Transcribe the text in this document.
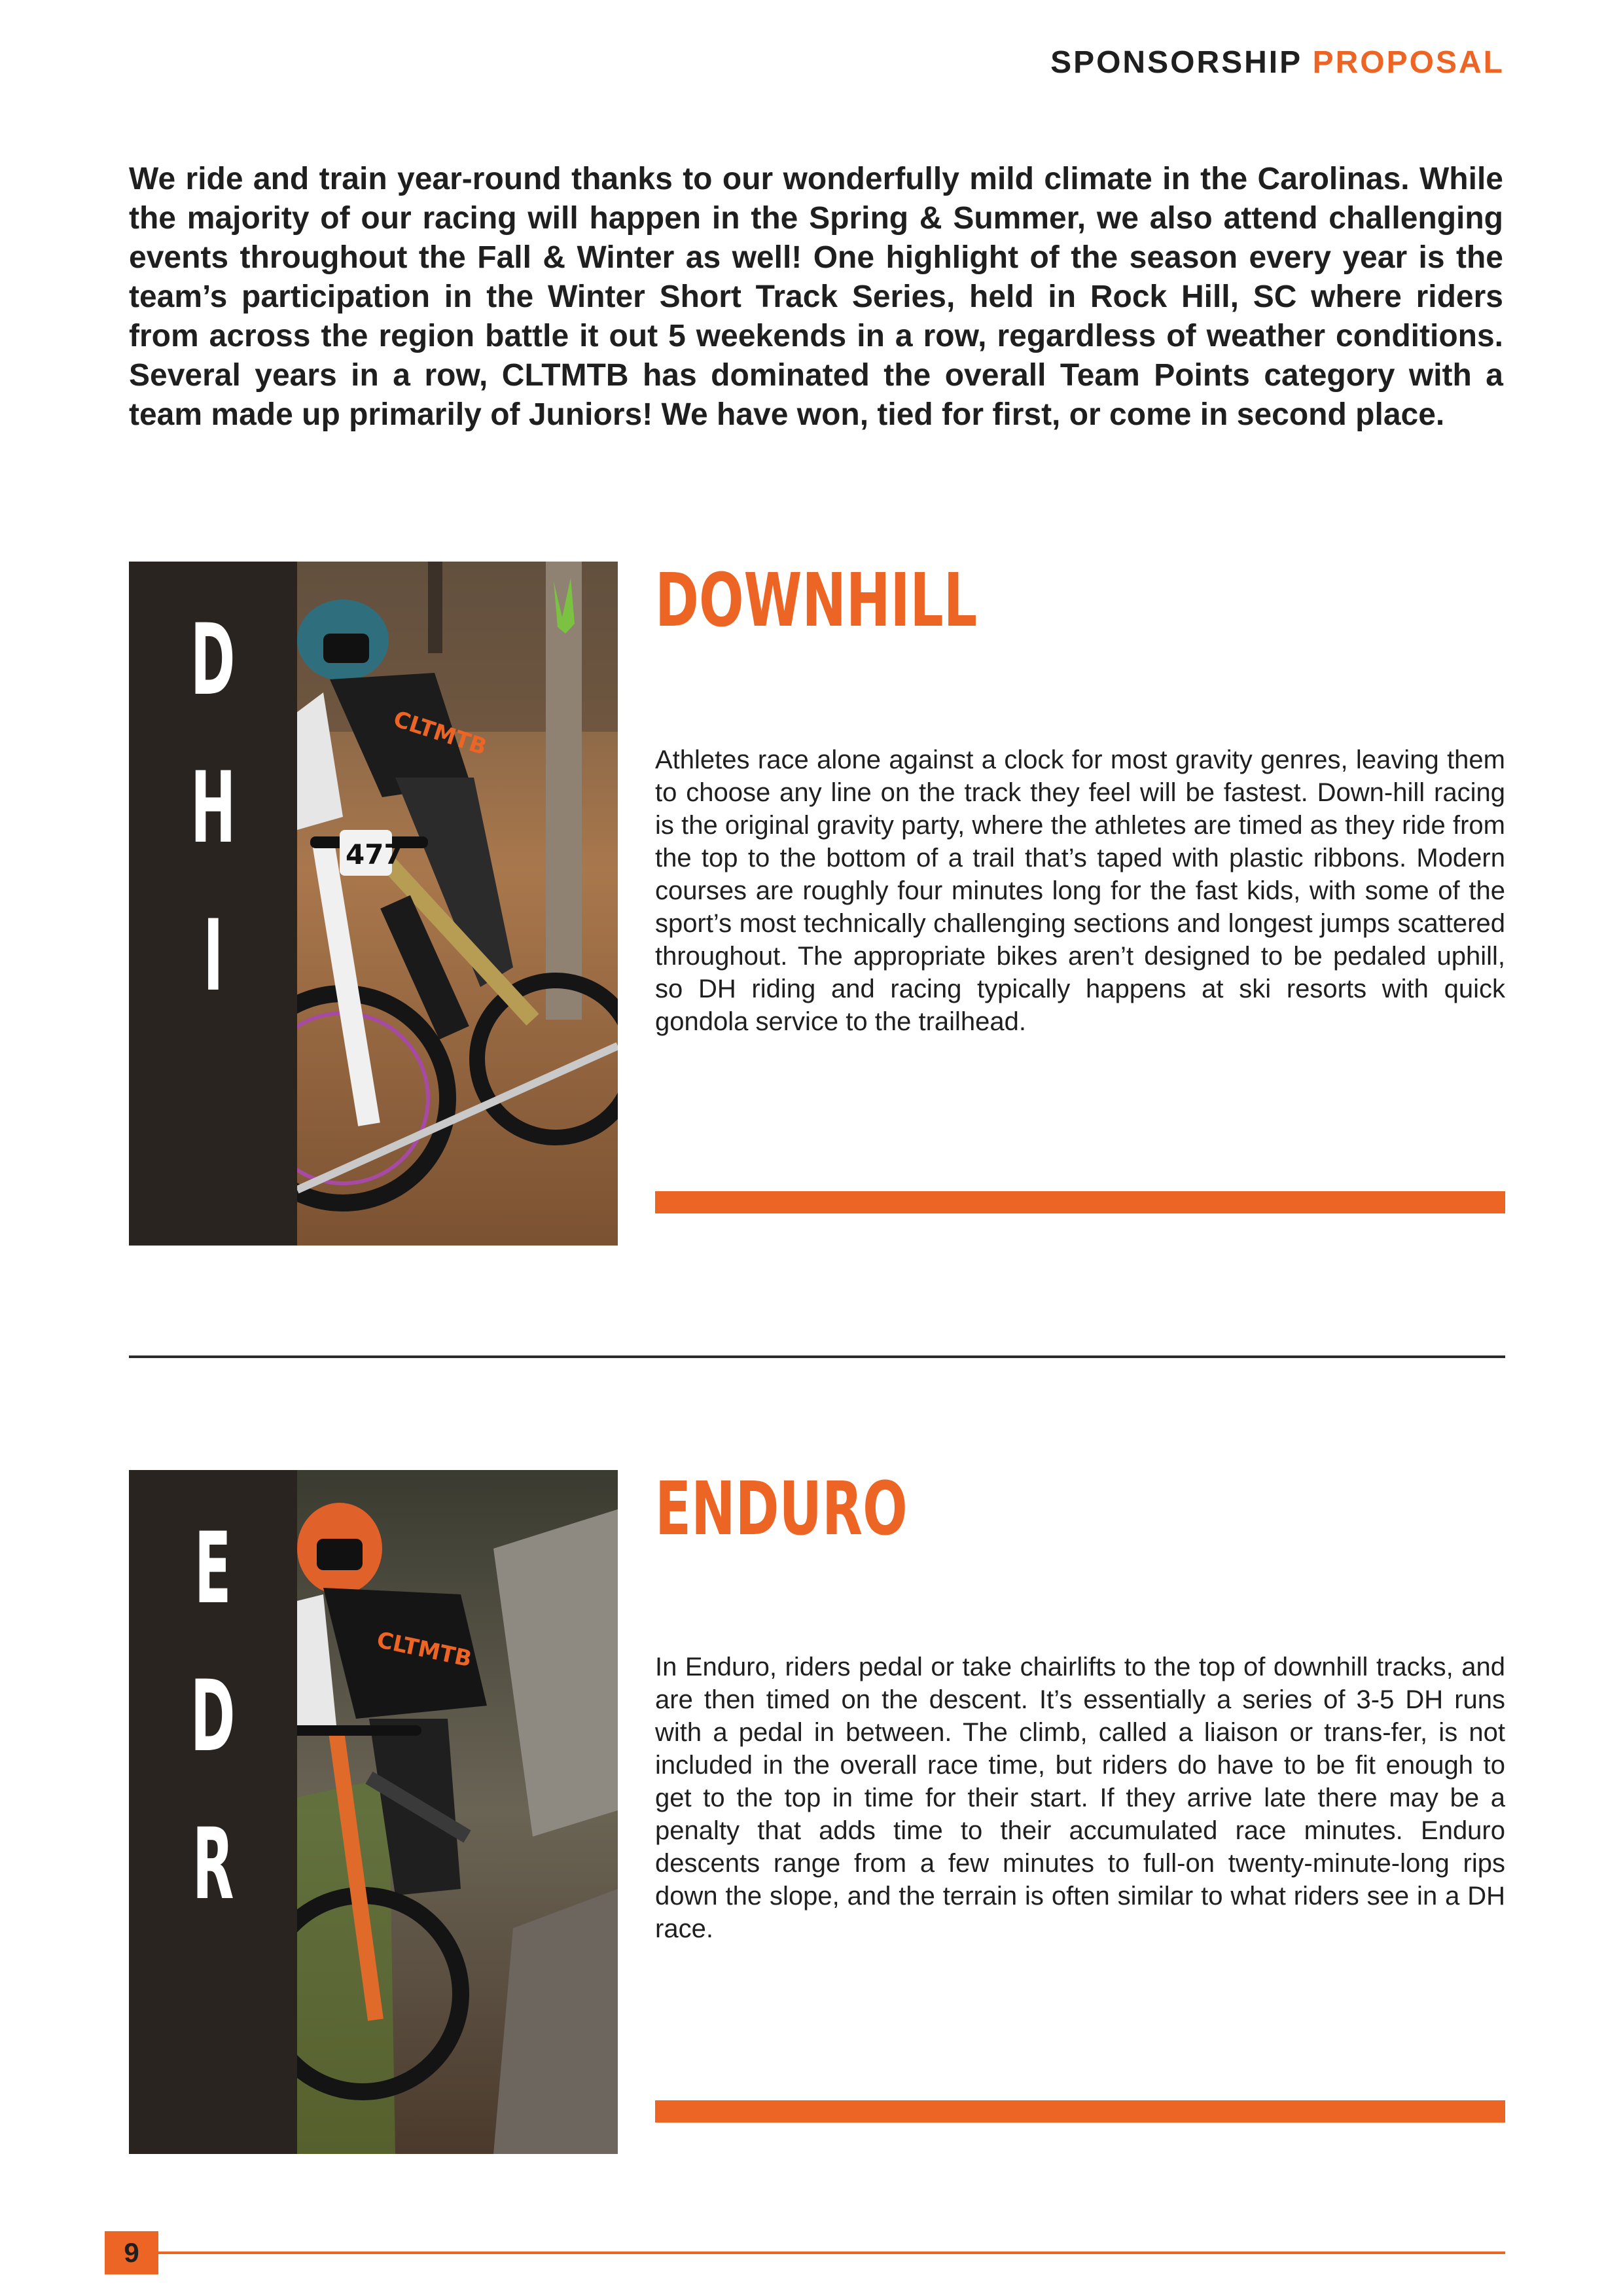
SPONSORSHIP PROPOSAL

We ride and train year-round thanks to our wonderfully mild climate in the Carolinas. While the majority of our racing will happen in the Spring & Summer, we also attend challenging events throughout the Fall & Winter as well! One highlight of the season every year is the team’s participation in the Winter Short Track Series, held in Rock Hill, SC where riders from across the region battle it out 5 weekends in a row, regardless of weather conditions. Several years in a row, CLTMTB has dominated the overall Team Points category with a team made up primarily of Juniors! We have won, tied for first, or come in second place.

CLTMTB
477
D
H
I
DOWNHILL

Athletes race alone against a clock for most gravity genres, leaving them to choose any line on the track they feel will be fastest. Down-hill racing is the original gravity party, where the athletes are timed as they ride from the top to the bottom of a trail that’s taped with plastic ribbons. Modern courses are roughly four minutes long for the fast kids, with some of the sport’s most technically challenging sections and longest jumps scattered throughout. The appropriate bikes aren’t designed to be pedaled uphill, so DH riding and racing typically happens at ski resorts with quick gondola service to the trailhead.

CLTMTB
E
D
R
ENDURO

In Enduro, riders pedal or take chairlifts to the top of downhill tracks, and are then timed on the descent. It’s essentially a series of 3-5 DH runs with a pedal in between. The climb, called a liaison or trans-fer, is not included in the overall race time, but riders do have to be fit enough to get to the top in time for their start. If they arrive late there may be a penalty that adds time to their accumulated race minutes. Enduro descents range from a few minutes to full-on twenty-minute-long rips down the slope, and the terrain is often similar to what riders see in a DH race.

9
